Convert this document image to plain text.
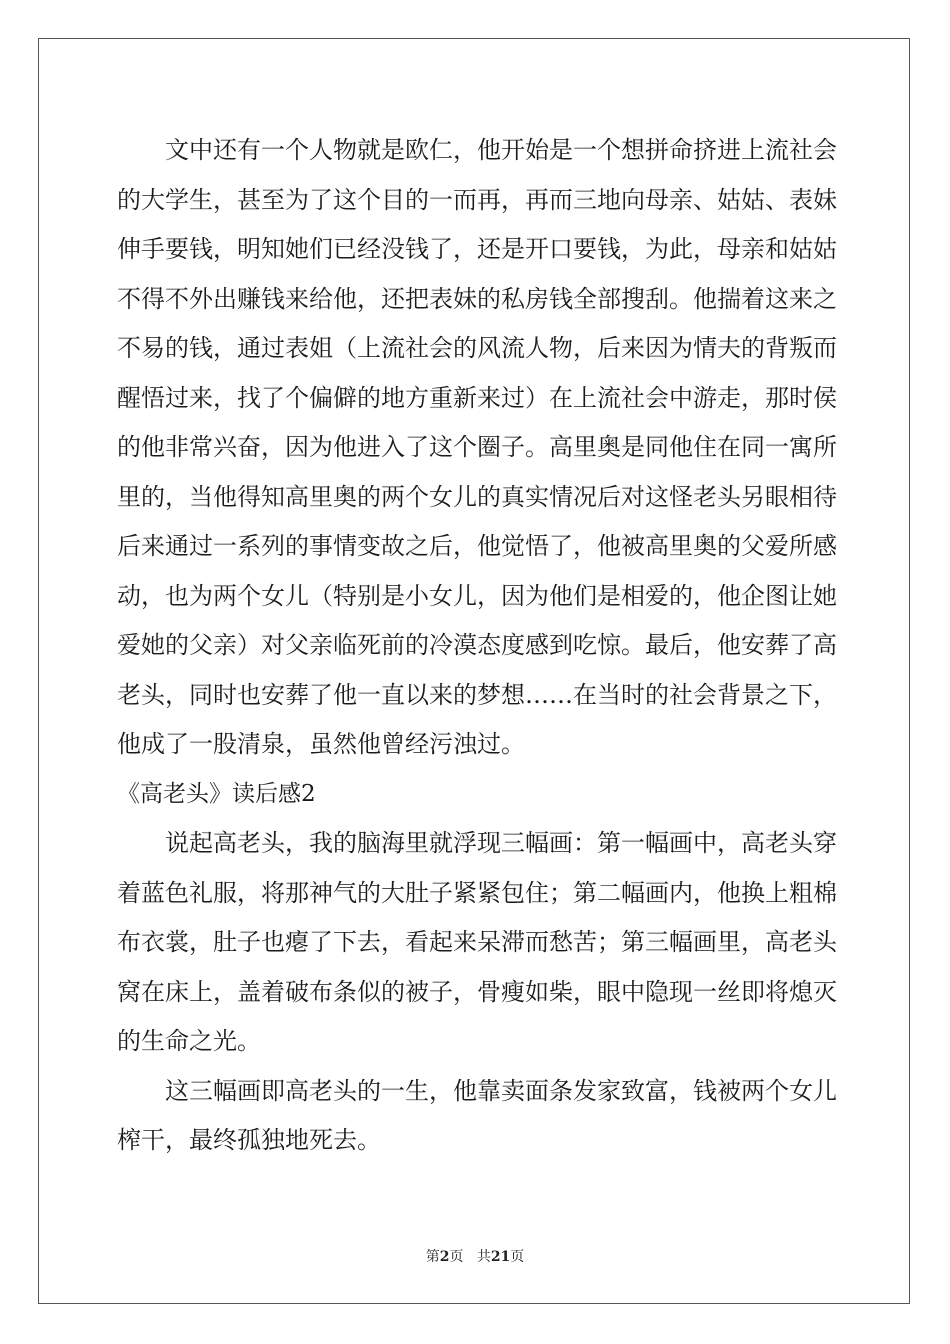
文中还有一个人物就是欧仁，他开始是一个想拼命挤进上流社会
的大学生，甚至为了这个目的一而再，再而三地向母亲、姑姑、表妹
伸手要钱，明知她们已经没钱了，还是开口要钱，为此，母亲和姑姑
不得不外出赚钱来给他，还把表妹的私房钱全部搜刮。他揣着这来之
不易的钱，通过表姐（上流社会的风流人物，后来因为情夫的背叛而
醒悟过来，找了个偏僻的地方重新来过）在上流社会中游走，那时侯
的他非常兴奋，因为他进入了这个圈子。高里奥是同他住在同一寓所
里的，当他得知高里奥的两个女儿的真实情况后对这怪老头另眼相待
后来通过一系列的事情变故之后，他觉悟了，他被高里奥的父爱所感
动，也为两个女儿（特别是小女儿，因为他们是相爱的，他企图让她
爱她的父亲）对父亲临死前的冷漠态度感到吃惊。最后，他安葬了高
老头，同时也安葬了他一直以来的梦想……在当时的社会背景之下，
他成了一股清泉，虽然他曾经污浊过。
《高老头》读后感2
说起高老头，我的脑海里就浮现三幅画：第一幅画中，高老头穿
着蓝色礼服，将那神气的大肚子紧紧包住；第二幅画内，他换上粗棉
布衣裳，肚子也瘪了下去，看起来呆滞而愁苦；第三幅画里，高老头
窝在床上，盖着破布条似的被子，骨瘦如柴，眼中隐现一丝即将熄灭
的生命之光。
这三幅画即高老头的一生，他靠卖面条发家致富，钱被两个女儿
榨干，最终孤独地死去。
第2页 共21页
